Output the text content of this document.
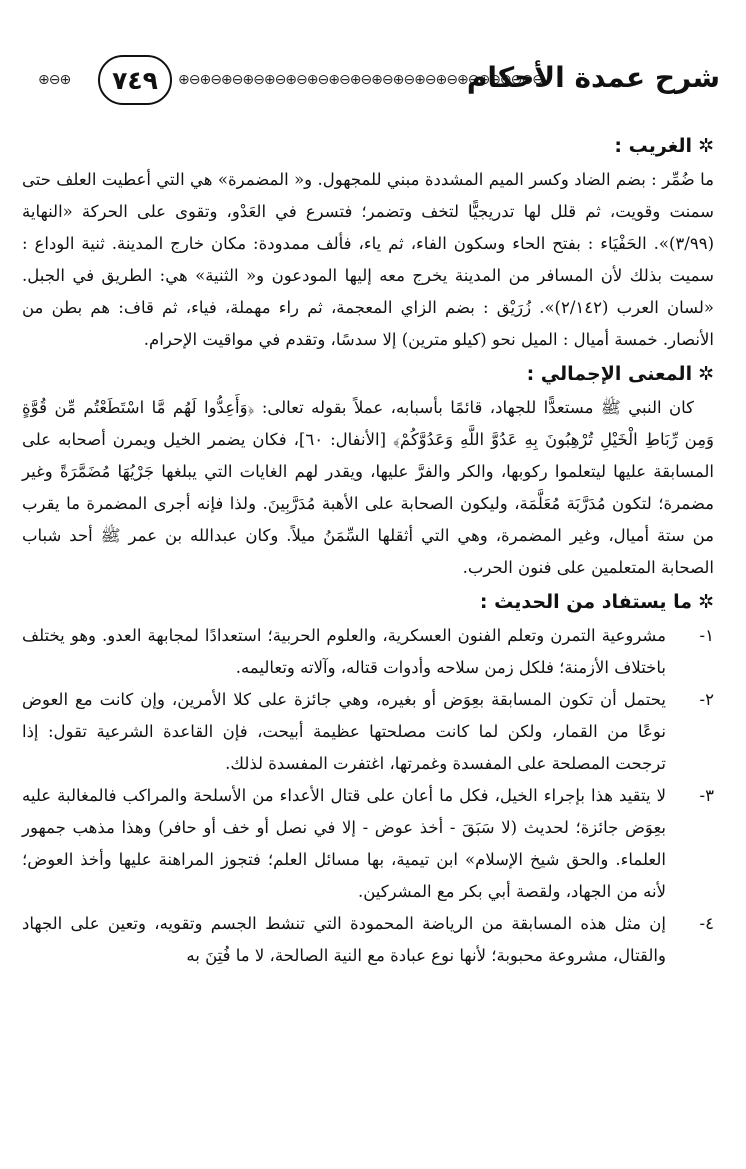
⊕⊖⊕	٧٤٩ ⊕⊖⊕⊖⊕⊖⊕⊖⊕⊖⊕⊖⊕⊖⊕⊖⊕⊖⊕⊖⊕⊖⊕⊖⊕⊖⊕⊖⊕⊖⊕⊖⊕⊖
شرح عمدة الأحكام
✲الغريب :

ما ضُمِّر : بضم الضاد وكسر الميم المشددة مبني للمجهول. و« المضمرة» هي التي أعطيت العلف حتى سمنت وقويت، ثم قلل لها تدريجيًّا لتخف وتضمر؛ فتسرع في العَدْو، وتقوى على الحركة «النهاية (٣/٩٩)». الحَفْيَاء : بفتح الحاء وسكون الفاء، ثم ياء، فألف ممدودة: مكان خارج المدينة. ثنية الوداع : سميت بذلك لأن المسافر من المدينة يخرج معه إليها المودعون و« الثنية» هي: الطريق في الجبل. «لسان العرب (٢/١٤٢)». زُرَيْق : بضم الزاي المعجمة، ثم راء مهملة، فياء، ثم قاف: هم بطن من الأنصار. خمسة أميال : الميل نحو (كيلو مترين) إلا سدسًا، وتقدم في مواقيت الإحرام.

✲المعنى الإجمالي :

كان النبي ﷺ مستعدًّا للجهاد، قائمًا بأسبابه، عملاً بقوله تعالى: ﴿وَأَعِدُّوا لَهُم مَّا اسْتَطَعْتُم مِّن قُوَّةٍ وَمِن رِّبَاطِ الْخَيْلِ تُرْهِبُونَ بِهِ عَدُوَّ اللَّهِ وَعَدُوَّكُمْ﴾ [الأنفال: ٦٠]، فكان يضمر الخيل ويمرن أصحابه على المسابقة عليها ليتعلموا ركوبها، والكر والفرَّ عليها، ويقدر لهم الغايات التي يبلغها جَرْيُهَا مُضَمَّرَةً وغير مضمرة؛ لتكون مُدَرَّبَة مُعَلَّمَة، وليكون الصحابة على الأهبة مُدَرَّبِينَ. ولذا فإنه أجرى المضمرة ما يقرب من ستة أميال، وغير المضمرة، وهي التي أثقلها السِّمَنُ ميلاً. وكان عبدالله بن عمر ﷺ أحد شباب الصحابة المتعلمين على فنون الحرب.

✲ما يستفاد من الحديث :
١-
مشروعية التمرن وتعلم الفنون العسكرية، والعلوم الحربية؛ استعدادًا لمجابهة العدو. وهو يختلف باختلاف الأزمنة؛ فلكل زمن سلاحه وأدوات قتاله، وآلاته وتعاليمه.
٢-
يحتمل أن تكون المسابقة بعِوَض أو بغيره، وهي جائزة على كلا الأمرين، وإن كانت مع العوض نوعًا من القمار، ولكن لما كانت مصلحتها عظيمة أبيحت، فإن القاعدة الشرعية تقول: إذا ترجحت المصلحة على المفسدة وغمرتها، اغتفرت المفسدة لذلك.
٣-
لا يتقيد هذا بإجراء الخيل، فكل ما أعان على قتال الأعداء من الأسلحة والمراكب فالمغالبة عليه بعِوَض جائزة؛ لحديث (لا سَبَقَ - أخذ عوض - إلا في نصل أو خف أو حافر) وهذا مذهب جمهور العلماء. والحق شيخ الإسلام» ابن تيمية، بها مسائل العلم؛ فتجوز المراهنة عليها وأخذ العوض؛ لأنه من الجهاد، ولقصة أبي بكر مع المشركين.
٤-
إن مثل هذه المسابقة من الرياضة المحمودة التي تنشط الجسم وتقويه، وتعين على الجهاد والقتال، مشروعة محبوبة؛ لأنها نوع عبادة مع النية الصالحة، لا ما فُتِنَ به
